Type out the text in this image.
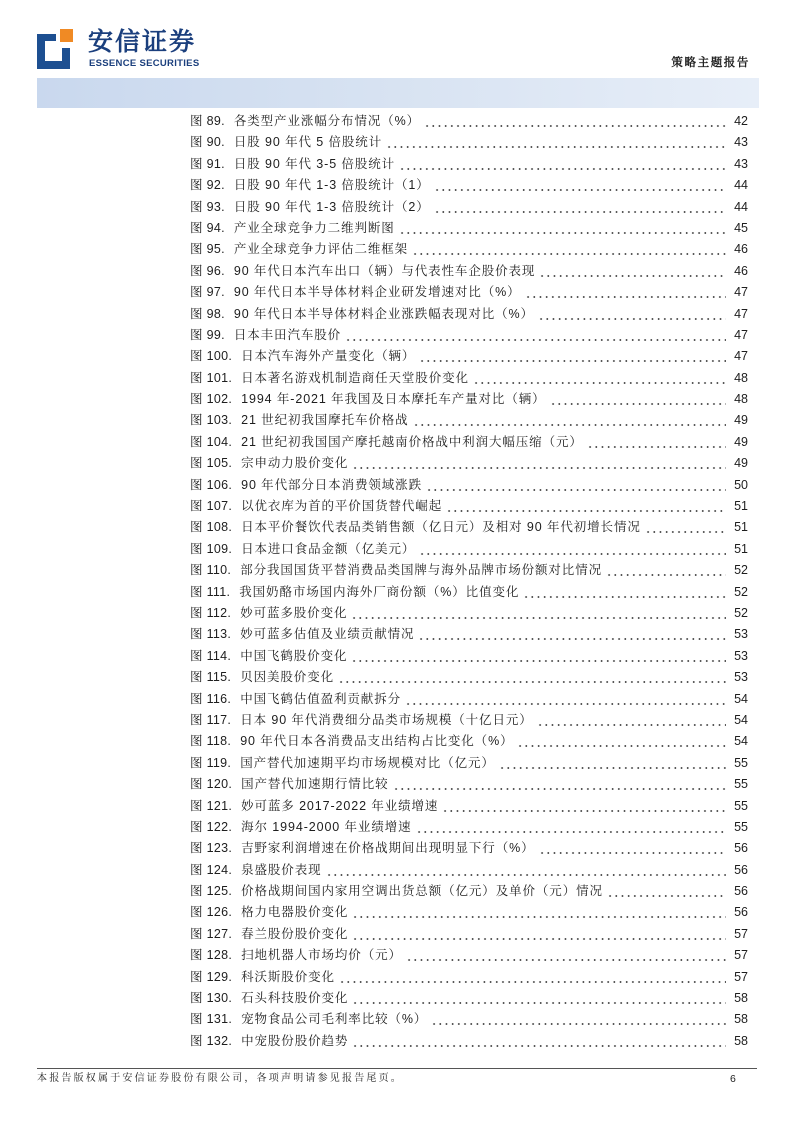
安信证券
ESSENCE SECURITIES	策略主题报告
图 89. 各类型产业涨幅分布情况（%）	42
图 90. 日股 90 年代 5 倍股统计	43
图 91. 日股 90 年代 3-5 倍股统计	43
图 92. 日股 90 年代 1-3 倍股统计（1）	44
图 93. 日股 90 年代 1-3 倍股统计（2）	44
图 94. 产业全球竞争力二维判断图	45
图 95. 产业全球竞争力评估二维框架	46
图 96. 90 年代日本汽车出口（辆）与代表性车企股价表现	46
图 97. 90 年代日本半导体材料企业研发增速对比（%）	47
图 98. 90 年代日本半导体材料企业涨跌幅表现对比（%）	47
图 99. 日本丰田汽车股价	47
图 100. 日本汽车海外产量变化（辆）	47
图 101. 日本著名游戏机制造商任天堂股价变化	48
图 102. 1994 年-2021 年我国及日本摩托车产量对比（辆）	48
图 103. 21 世纪初我国摩托车价格战	49
图 104. 21 世纪初我国国产摩托越南价格战中利润大幅压缩（元）	49
图 105. 宗申动力股价变化	49
图 106. 90 年代部分日本消费领域涨跌	50
图 107. 以优衣库为首的平价国货替代崛起	51
图 108. 日本平价餐饮代表品类销售额（亿日元）及相对 90 年代初增长情况	51
图 109. 日本进口食品金额（亿美元）	51
图 110. 部分我国国货平替消费品类国牌与海外品牌市场份额对比情况	52
图 111. 我国奶酪市场国内海外厂商份额（%）比值变化	52
图 112. 妙可蓝多股价变化	52
图 113. 妙可蓝多估值及业绩贡献情况	53
图 114. 中国飞鹤股价变化	53
图 115. 贝因美股价变化	53
图 116. 中国飞鹤估值盈利贡献拆分	54
图 117. 日本 90 年代消费细分品类市场规模（十亿日元）	54
图 118. 90 年代日本各消费品支出结构占比变化（%）	54
图 119. 国产替代加速期平均市场规模对比（亿元）	55
图 120. 国产替代加速期行情比较	55
图 121. 妙可蓝多 2017-2022 年业绩增速	55
图 122. 海尔 1994-2000 年业绩增速	55
图 123. 吉野家利润增速在价格战期间出现明显下行（%）	56
图 124. 泉盛股价表现	56
图 125. 价格战期间国内家用空调出货总额（亿元）及单价（元）情况	56
图 126. 格力电器股价变化	56
图 127. 春兰股份股价变化	57
图 128. 扫地机器人市场均价（元）	57
图 129. 科沃斯股价变化	57
图 130. 石头科技股价变化	58
图 131. 宠物食品公司毛利率比较（%）	58
图 132. 中宠股份股价趋势	58
本报告版权属于安信证券股份有限公司，各项声明请参见报告尾页。	6
